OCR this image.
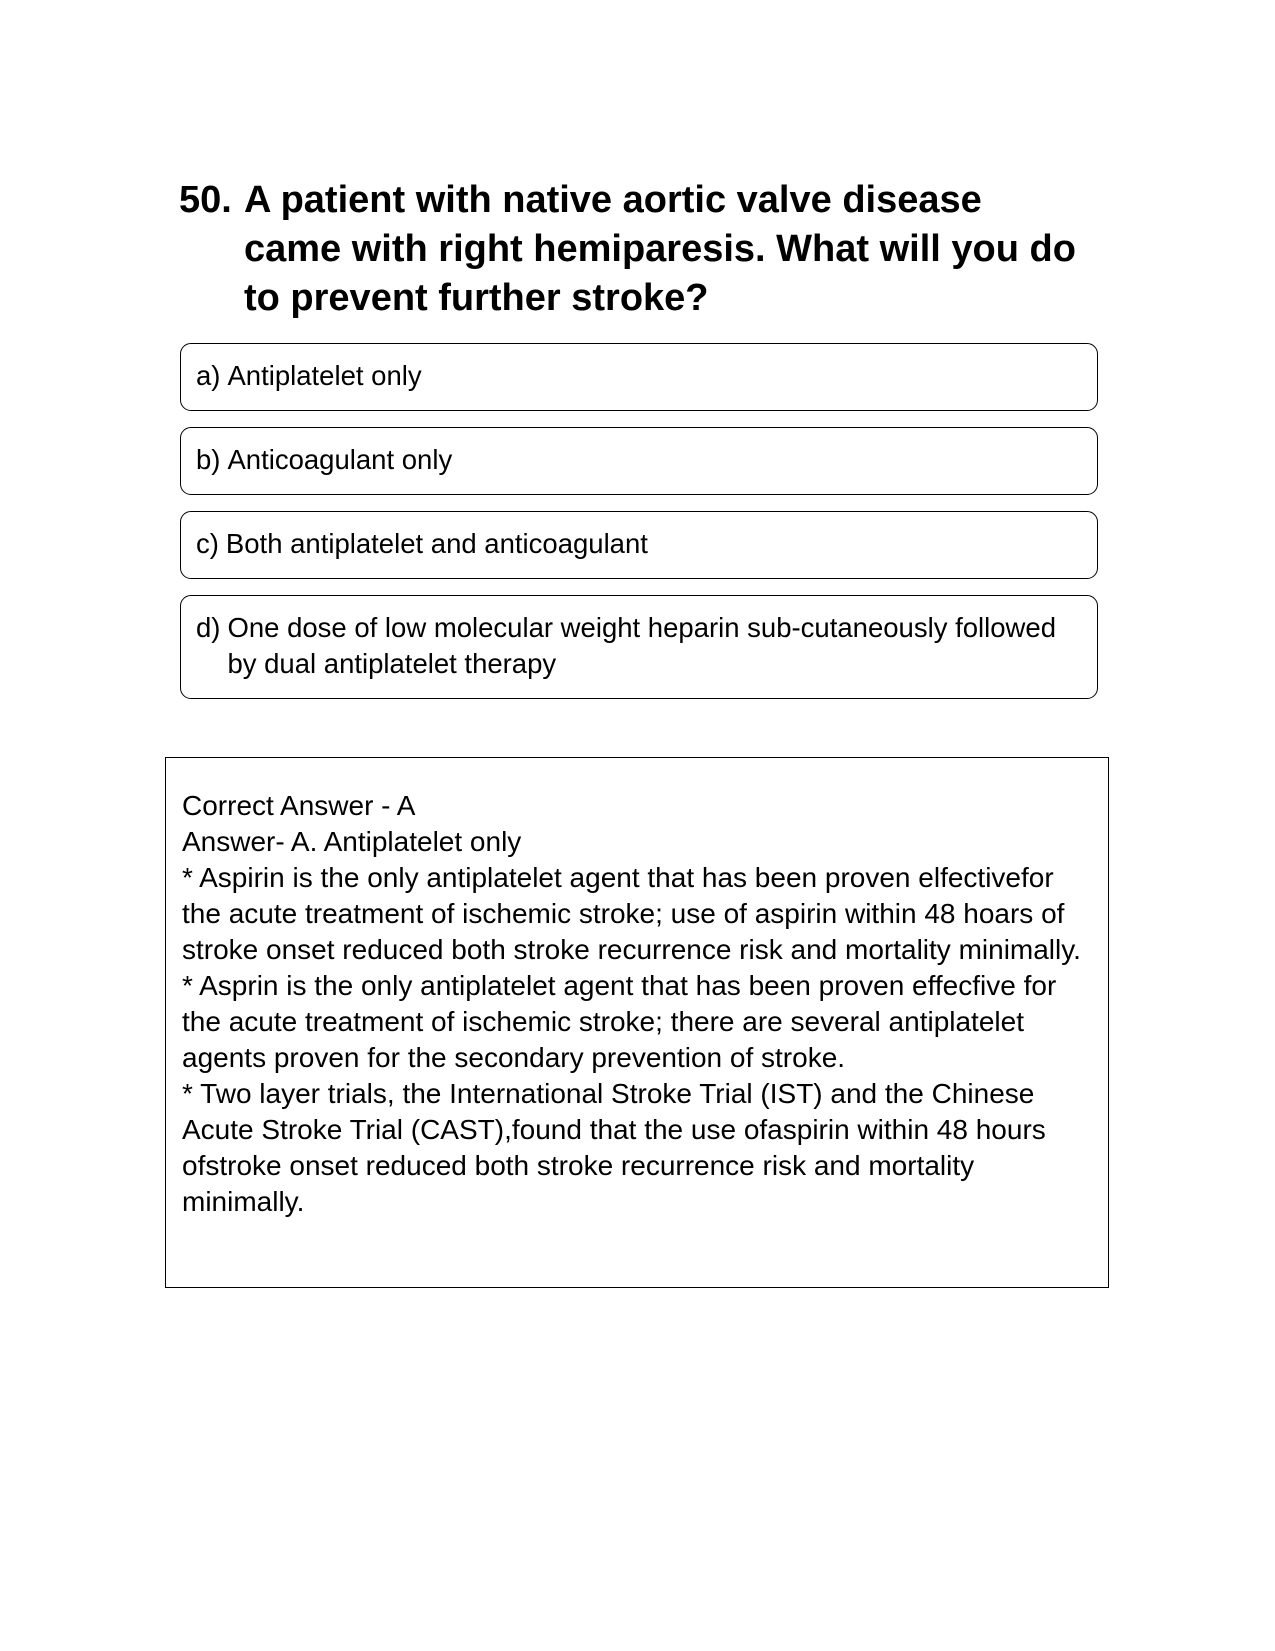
50. A patient with native aortic valve disease came with right hemiparesis. What will you do to prevent further stroke?
a) Antiplatelet only
b) Anticoagulant only
c) Both antiplatelet and anticoagulant
d) One dose of low molecular weight heparin sub-cutaneously followed by dual antiplatelet therapy
Correct Answer - A
Answer- A. Antiplatelet only
* Aspirin is the only antiplatelet agent that has been proven elfectivefor the acute treatment of ischemic stroke; use of aspirin within 48 hoars of stroke onset reduced both stroke recurrence risk and mortality minimally.
* Asprin is the only antiplatelet agent that has been proven effecfive for the acute treatment of ischemic stroke; there are several antiplatelet agents proven for the secondary prevention of stroke.
* Two layer trials, the International Stroke Trial (IST) and the Chinese Acute Stroke Trial (CAST),found that the use ofaspirin within 48 hours ofstroke onset reduced both stroke recurrence risk and mortality minimally.
